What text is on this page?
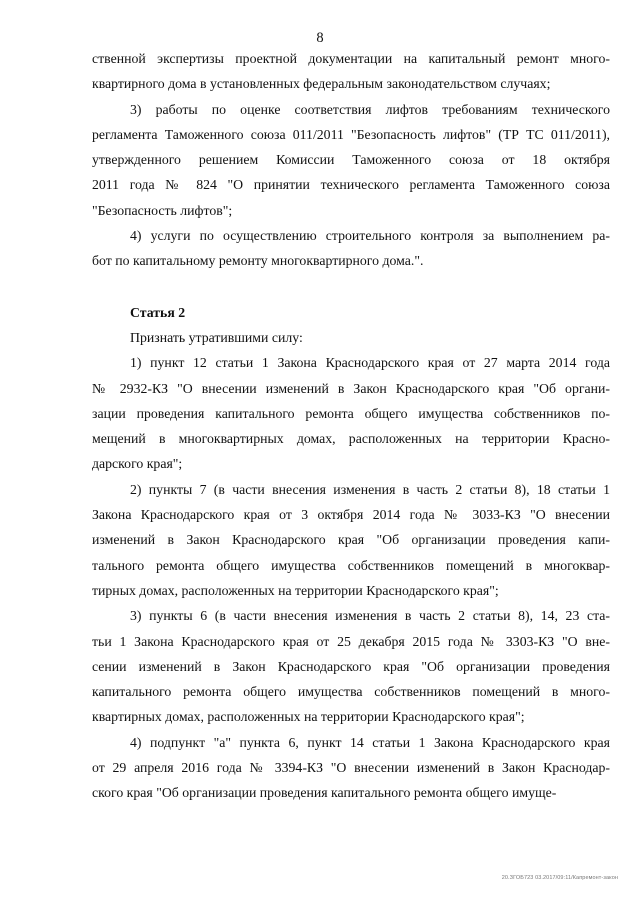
8

ственной экспертизы проектной документации на капитальный ремонт много-
квартирного дома в установленных федеральным законодательством случаях;

3) работы по оценке соответствия лифтов требованиям технического
регламента Таможенного союза 011/2011 "Безопасность лифтов" (ТР ТС 011/2011),
утвержденного решением Комиссии Таможенного союза от 18 октября
2011 года № 824 "О принятии технического регламента Таможенного союза
"Безопасность лифтов";

4) услуги по осуществлению строительного контроля за выполнением ра-
бот по капитальному ремонту многоквартирного дома.".

Статья 2

Признать утратившими силу:

1) пункт 12 статьи 1 Закона Краснодарского края от 27 марта 2014 года
№ 2932-КЗ "О внесении изменений в Закон Краснодарского края "Об органи-
зации проведения капитального ремонта общего имущества собственников по-
мещений в многоквартирных домах, расположенных на территории Красно-
дарского края";

2) пункты 7 (в части внесения изменения в часть 2 статьи 8), 18 статьи 1
Закона Краснодарского края от 3 октября 2014 года № 3033-КЗ "О внесении
изменений в Закон Краснодарского края "Об организации проведения капи-
тального ремонта общего имущества собственников помещений в многоквар-
тирных домах, расположенных на территории Краснодарского края";

3) пункты 6 (в части внесения изменения в часть 2 статьи 8), 14, 23 ста-
тьи 1 Закона Краснодарского края от 25 декабря 2015 года № 3303-КЗ "О вне-
сении изменений в Закон Краснодарского края "Об организации проведения
капитального ремонта общего имущества собственников помещений в много-
квартирных домах, расположенных на территории Краснодарского края";

4) подпункт "а" пункта 6, пункт 14 статьи 1 Закона Краснодарского края
от 29 апреля 2016 года № 3394-КЗ "О внесении изменений в Закон Краснодар-
ского края "Об организации проведения капитального ремонта общего имуще-

20.ЗГОБ723 03.2017/09:11/Капремонт-закон
